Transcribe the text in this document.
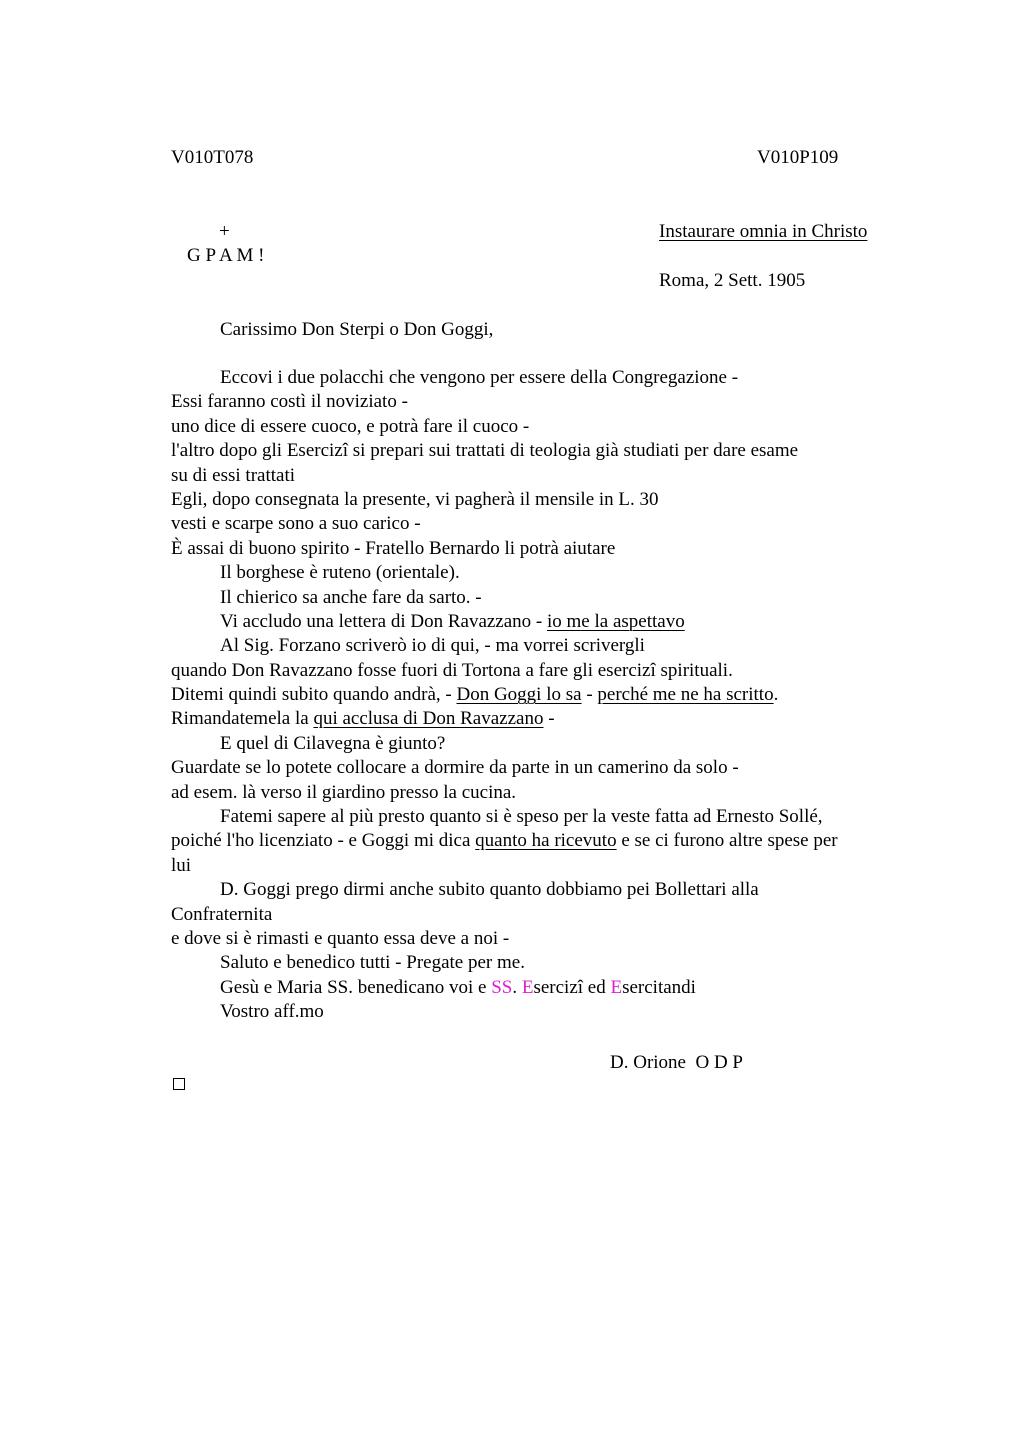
V010T078	V010P109
+
G P A M !
Instaurare omnia in Christo
Roma, 2 Sett. 1905
Carissimo Don Sterpi o Don Goggi,
Eccovi i due polacchi che vengono per essere della Congregazione -
Essi faranno costì il noviziato -
uno dice di essere cuoco, e potrà fare il cuoco -
l'altro dopo gli Esercizi si prepari sui trattati di teologia già studiati per dare esame
su di essi trattati
Egli, dopo consegnata la presente, vi pagherà il mensile in L. 30
vesti e scarpe sono a suo carico -
È assai di buono spirito - Fratello Bernardo li potrà aiutare
Il borghese è ruteno (orientale).
Il chierico sa anche fare da sarto. -
Vi accludo una lettera di Don Ravazzano - io me la aspettavo
Al Sig. Forzano scriverò io di qui, - ma vorrei scrivergli
quando Don Ravazzano fosse fuori di Tortona a fare gli esercizi spirituali.
Ditemi quindi subito quando andrà, - Don Goggi lo sa - perché me ne ha scritto.
Rimandatemela la qui acclusa di Don Ravazzano -
E quel di Cilavegna è giunto?
Guardate se lo potete collocare a dormire da parte in un camerino da solo -
ad esem. là verso il giardino presso la cucina.
Fatemi sapere al più presto quanto si è speso per la veste fatta ad Ernesto Sollé,
poiché l'ho licenziato - e Goggi mi dica quanto ha ricevuto e se ci furono altre spese per
lui
D. Goggi prego dirmi anche subito quanto dobbiamo pei Bollettari alla
Confraternita
e dove si è rimasti e quanto essa deve a noi -
Saluto e benedico tutti - Pregate per me.
Gesù e Maria SS. benedicano voi e SS. Esercizi ed Esercitandi
Vostro aff.mo
D. Orione  O D P
